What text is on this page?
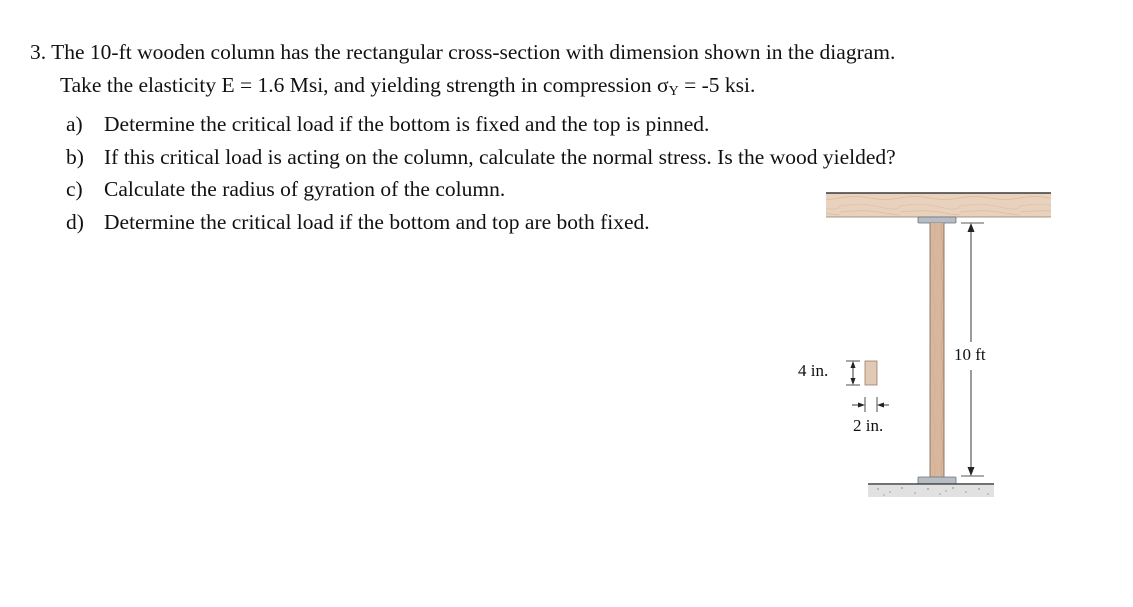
3. The 10-ft wooden column has the rectangular cross-section with dimension shown in the diagram.
Take the elasticity E = 1.6 Msi, and yielding strength in compression $\sigma_Y = -5$ ksi.
a) Determine the critical load if the bottom is fixed and the top is pinned.
b) If this critical load is acting on the column, calculate the normal stress. Is the wood yielded?
c) Calculate the radius of gyration of the column.
d) Determine the critical load if the bottom and top are both fixed.
10 ft
4 in.
2 in.
